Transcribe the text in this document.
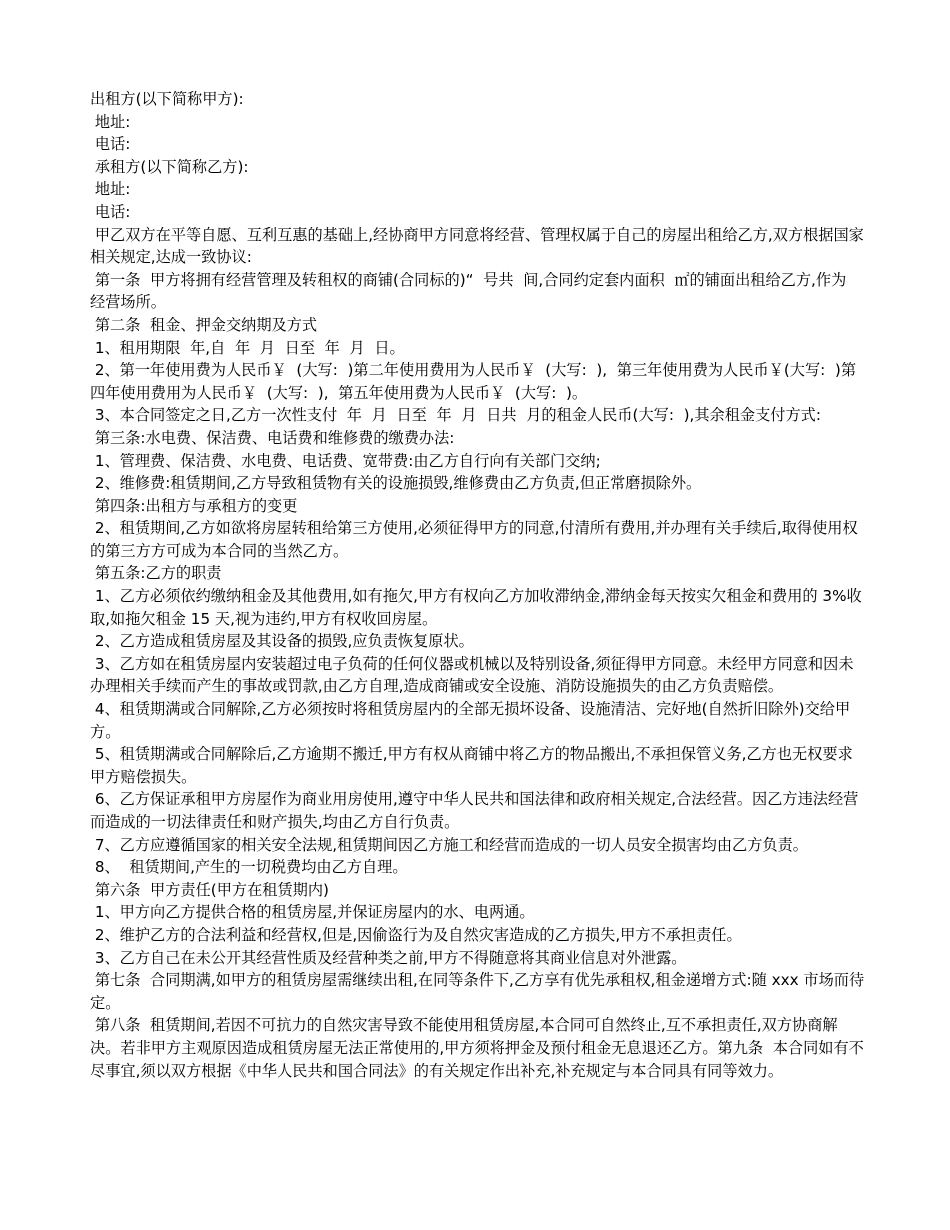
出租方(以下简称甲方):

地址:

电话:

承租方(以下简称乙方):

地址:

电话:

甲乙双方在平等自愿、互利互惠的基础上,经协商甲方同意将经营、管理权属于自己的房屋出租给乙方,双方根据国家相关规定,达成一致协议:

第一条  甲方将拥有经营管理及转租权的商铺(合同标的)“  号共  间,合同约定套内面积  ㎡的铺面出租给乙方,作为  经营场所。

第二条  租金、押金交纳期及方式

1、租用期限  年,自  年  月  日至  年  月  日。

2、第一年使用费为人民币￥  (大写:  )第二年使用费用为人民币￥  (大写:  ),  第三年使用费为人民币￥(大写:  )第四年使用费用为人民币￥  (大写:  ),  第五年使用费为人民币￥  (大写:  )。

3、本合同签定之日,乙方一次性支付  年  月  日至  年  月  日共  月的租金人民币(大写:  ),其余租金支付方式:

第三条:水电费、保洁费、电话费和维修费的缴费办法:

1、管理费、保洁费、水电费、电话费、宽带费:由乙方自行向有关部门交纳;

2、维修费:租赁期间,乙方导致租赁物有关的设施损毁,维修费由乙方负责,但正常磨损除外。

第四条:出租方与承租方的变更

2、租赁期间,乙方如欲将房屋转租给第三方使用,必须征得甲方的同意,付清所有费用,并办理有关手续后,取得使用权的第三方方可成为本合同的当然乙方。

第五条:乙方的职责

1、乙方必须依约缴纳租金及其他费用,如有拖欠,甲方有权向乙方加收滞纳金,滞纳金每天按实欠租金和费用的 3%收取,如拖欠租金 15 天,视为违约,甲方有权收回房屋。

2、乙方造成租赁房屋及其设备的损毁,应负责恢复原状。

3、乙方如在租赁房屋内安装超过电子负荷的任何仪器或机械以及特别设备,须征得甲方同意。未经甲方同意和因未办理相关手续而产生的事故或罚款,由乙方自理,造成商铺或安全设施、消防设施损失的由乙方负责赔偿。

4、租赁期满或合同解除,乙方必须按时将租赁房屋内的全部无损坏设备、设施清洁、完好地(自然折旧除外)交给甲方。

5、租赁期满或合同解除后,乙方逾期不搬迁,甲方有权从商铺中将乙方的物品搬出,不承担保管义务,乙方也无权要求甲方赔偿损失。

6、乙方保证承租甲方房屋作为商业用房使用,遵守中华人民共和国法律和政府相关规定,合法经营。因乙方违法经营而造成的一切法律责任和财产损失,均由乙方自行负责。

7、乙方应遵循国家的相关安全法规,租赁期间因乙方施工和经营而造成的一切人员安全损害均由乙方负责。

8、  租赁期间,产生的一切税费均由乙方自理。

第六条  甲方责任(甲方在租赁期内)

1、甲方向乙方提供合格的租赁房屋,并保证房屋内的水、电两通。

2、维护乙方的合法利益和经营权,但是,因偷盗行为及自然灾害造成的乙方损失,甲方不承担责任。

3、乙方自己在未公开其经营性质及经营种类之前,甲方不得随意将其商业信息对外泄露。

第七条  合同期满,如甲方的租赁房屋需继续出租,在同等条件下,乙方享有优先承租权,租金递增方式:随 xxx 市场而待定。

第八条  租赁期间,若因不可抗力的自然灾害导致不能使用租赁房屋,本合同可自然终止,互不承担责任,双方协商解决。若非甲方主观原因造成租赁房屋无法正常使用的,甲方须将押金及预付租金无息退还乙方。第九条  本合同如有不尽事宜,须以双方根据《中华人民共和国合同法》的有关规定作出补充,补充规定与本合同具有同等效力。
